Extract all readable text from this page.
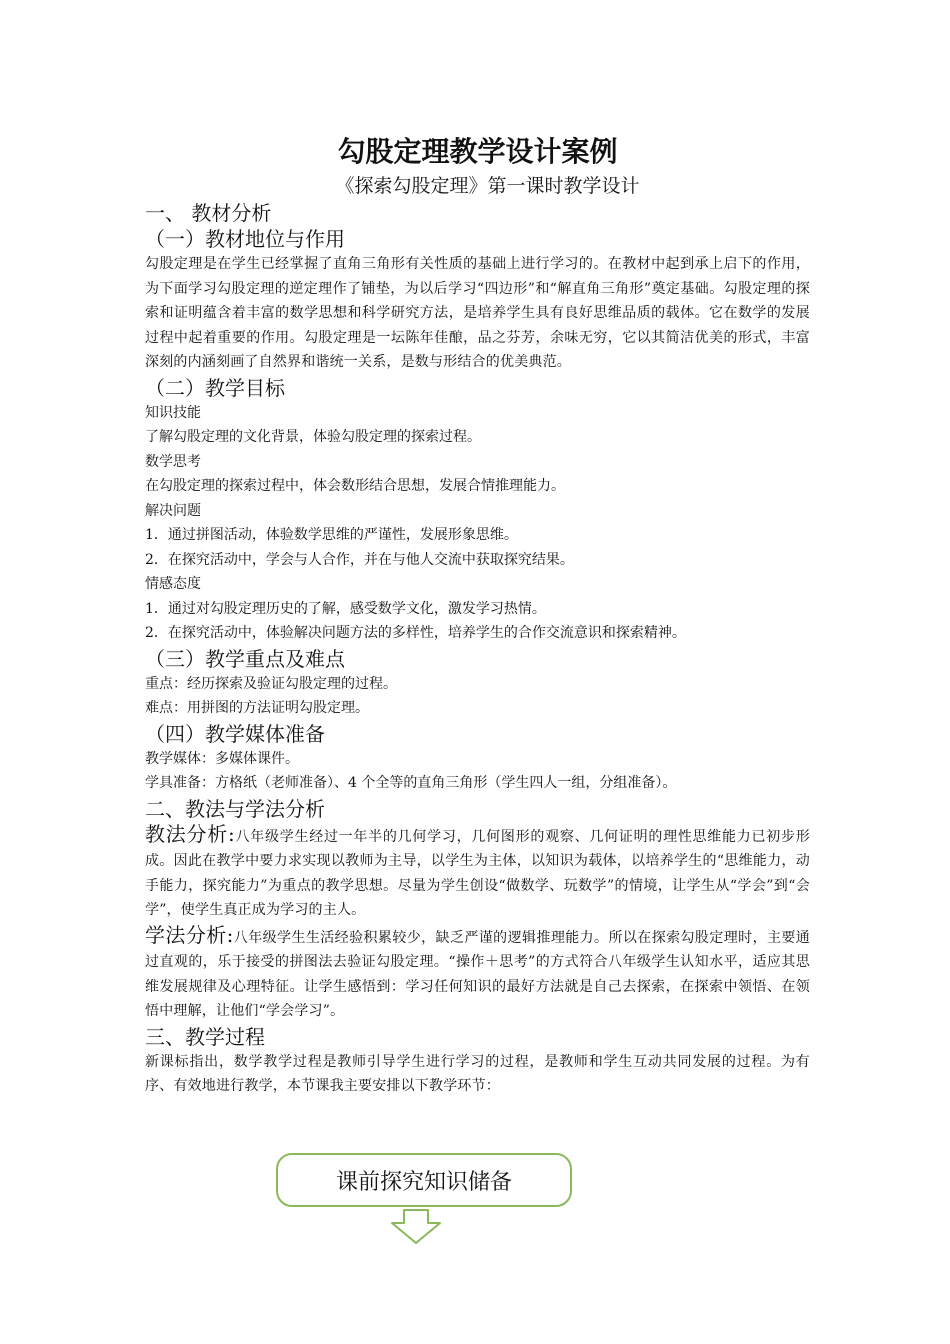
勾股定理教学设计案例
《探索勾股定理》第一课时教学设计
一、 教材分析
（一）教材地位与作用

勾股定理是在学生已经掌握了直角三角形有关性质的基础上进行学习的。在教材中起到承上启下的作用，为下面学习勾股定理的逆定理作了铺垫，为以后学习“四边形”和“解直角三角形”奠定基础。勾股定理的探索和证明蕴含着丰富的数学思想和科学研究方法，是培养学生具有良好思维品质的载体。它在数学的发展过程中起着重要的作用。勾股定理是一坛陈年佳酿，品之芬芳，余味无穷，它以其简洁优美的形式，丰富深刻的内涵刻画了自然界和谐统一关系，是数与形结合的优美典范。

（二）教学目标

知识技能

了解勾股定理的文化背景，体验勾股定理的探索过程。

数学思考

在勾股定理的探索过程中，体会数形结合思想，发展合情推理能力。

解决问题

1．通过拼图活动，体验数学思维的严谨性，发展形象思维。

2．在探究活动中，学会与人合作，并在与他人交流中获取探究结果。

情感态度

1．通过对勾股定理历史的了解，感受数学文化，激发学习热情。

2．在探究活动中，体验解决问题方法的多样性，培养学生的合作交流意识和探索精神。

（三）教学重点及难点

重点：经历探索及验证勾股定理的过程。

难点：用拼图的方法证明勾股定理。

（四）教学媒体准备

教学媒体：多媒体课件。

学具准备：方格纸（老师准备）、4 个全等的直角三角形（学生四人一组，分组准备）。

二、教法与学法分析

教法分析:八年级学生经过一年半的几何学习，几何图形的观察、几何证明的理性思维能力已初步形成。因此在教学中要力求实现以教师为主导，以学生为主体，以知识为载体，以培养学生的“思维能力，动手能力，探究能力”为重点的教学思想。尽量为学生创设“做数学、玩数学”的情境，让学生从“学会”到“会学”，使学生真正成为学习的主人。

学法分析:八年级学生生活经验积累较少，缺乏严谨的逻辑推理能力。所以在探索勾股定理时，主要通过直观的，乐于接受的拼图法去验证勾股定理。“操作＋思考”的方式符合八年级学生认知水平，适应其思维发展规律及心理特征。让学生感悟到：学习任何知识的最好方法就是自己去探索，在探索中领悟、在领悟中理解，让他们“学会学习”。

三、教学过程

新课标指出，数学教学过程是教师引导学生进行学习的过程，是教师和学生互动共同发展的过程。为有序、有效地进行教学，本节课我主要安排以下教学环节：

课前探究知识储备
